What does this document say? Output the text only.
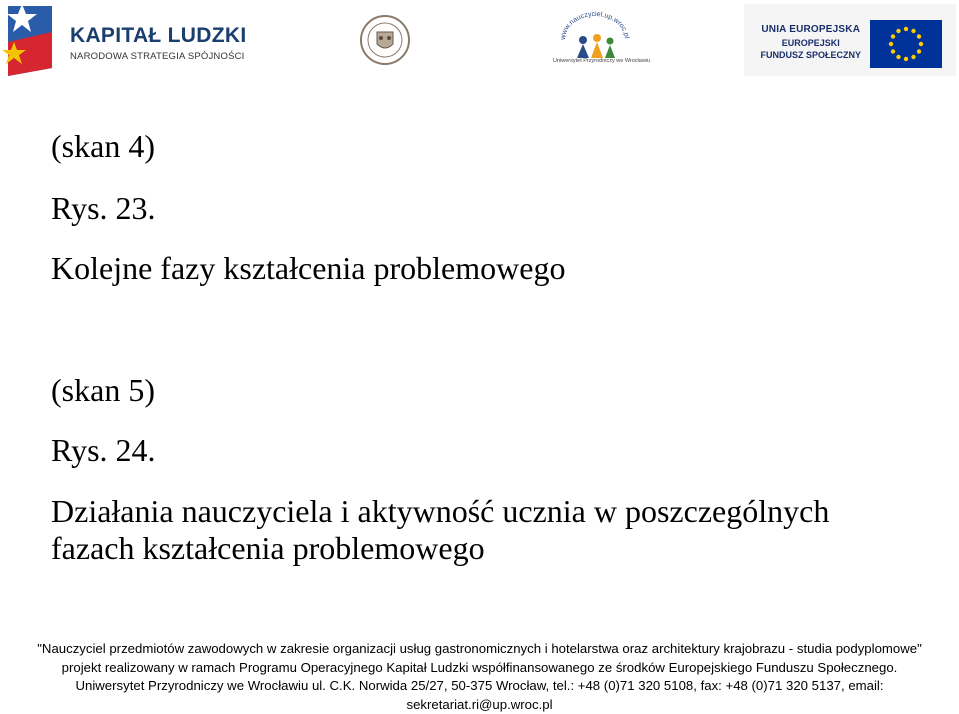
KAPITAŁ LUDZKI
NARODOWA STRATEGIA SPÓJNOŚCI
www.nauczyciel.up.wroc.pl
Uniwersytet Przyrodniczy we Wrocławiu
UNIA EUROPEJSKA
EUROPEJSKI
FUNDUSZ SPOŁECZNY
(skan 4)
Rys. 23.
Kolejne fazy kształcenia problemowego
(skan 5)
Rys. 24.
Działania nauczyciela i aktywność ucznia w poszczególnych
fazach kształcenia problemowego
"Nauczyciel przedmiotów zawodowych w zakresie organizacji usług gastronomicznych i hotelarstwa oraz architektury krajobrazu - studia podyplomowe"
projekt realizowany w ramach Programu Operacyjnego Kapitał Ludzki współfinansowanego ze środków Europejskiego Funduszu Społecznego.
Uniwersytet Przyrodniczy we Wrocławiu ul. C.K. Norwida 25/27, 50-375 Wrocław, tel.: +48 (0)71 320 5108, fax: +48 (0)71 320 5137, email:
sekretariat.ri@up.wroc.pl
